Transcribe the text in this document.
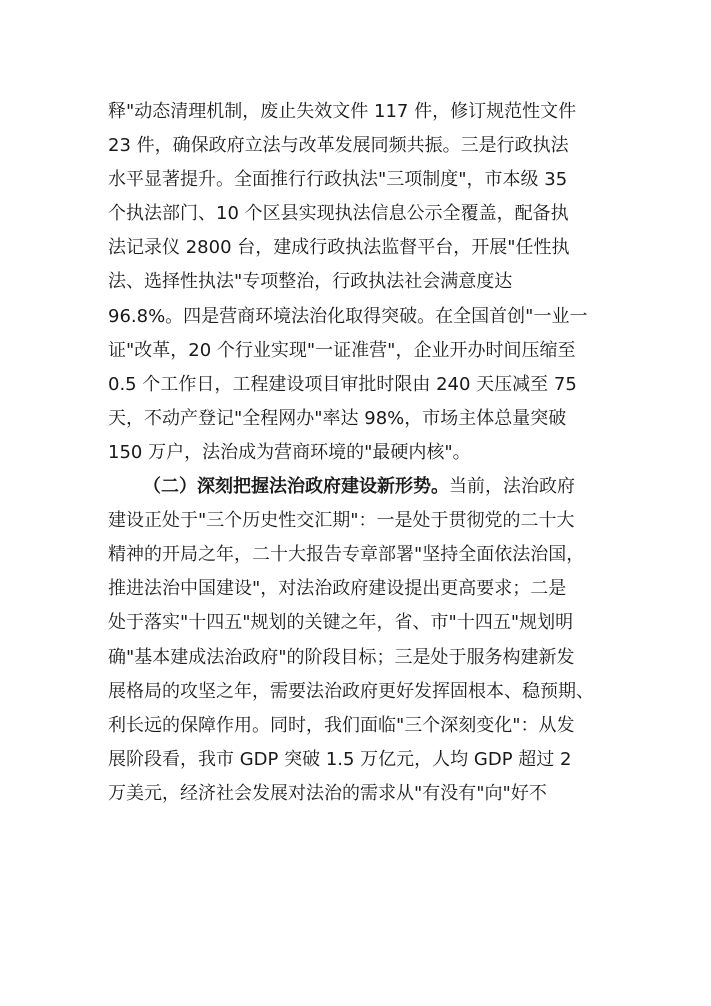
释"动态清理机制，废止失效文件 117 件，修订规范性文件
23 件，确保政府立法与改革发展同频共振。三是行政执法
水平显著提升。全面推行行政执法"三项制度"，市本级 35
个执法部门、10 个区县实现执法信息公示全覆盖，配备执
法记录仪 2800 台，建成行政执法监督平台，开展"任性执
法、选择性执法"专项整治，行政执法社会满意度达
96.8%。四是营商环境法治化取得突破。在全国首创"一业一
证"改革，20 个行业实现"一证准营"，企业开办时间压缩至
0.5 个工作日，工程建设项目审批时限由 240 天压减至 75
天，不动产登记"全程网办"率达 98%，市场主体总量突破
150 万户，法治成为营商环境的"最硬内核"。
（二）深刻把握法治政府建设新形势。当前，法治政府
建设正处于"三个历史性交汇期"：一是处于贯彻党的二十大
精神的开局之年，二十大报告专章部署"坚持全面依法治国，
推进法治中国建设"，对法治政府建设提出更高要求；二是
处于落实"十四五"规划的关键之年，省、市"十四五"规划明
确"基本建成法治政府"的阶段目标；三是处于服务构建新发
展格局的攻坚之年，需要法治政府更好发挥固根本、稳预期、
利长远的保障作用。同时，我们面临"三个深刻变化"：从发
展阶段看，我市 GDP 突破 1.5 万亿元，人均 GDP 超过 2
万美元，经济社会发展对法治的需求从"有没有"向"好不
